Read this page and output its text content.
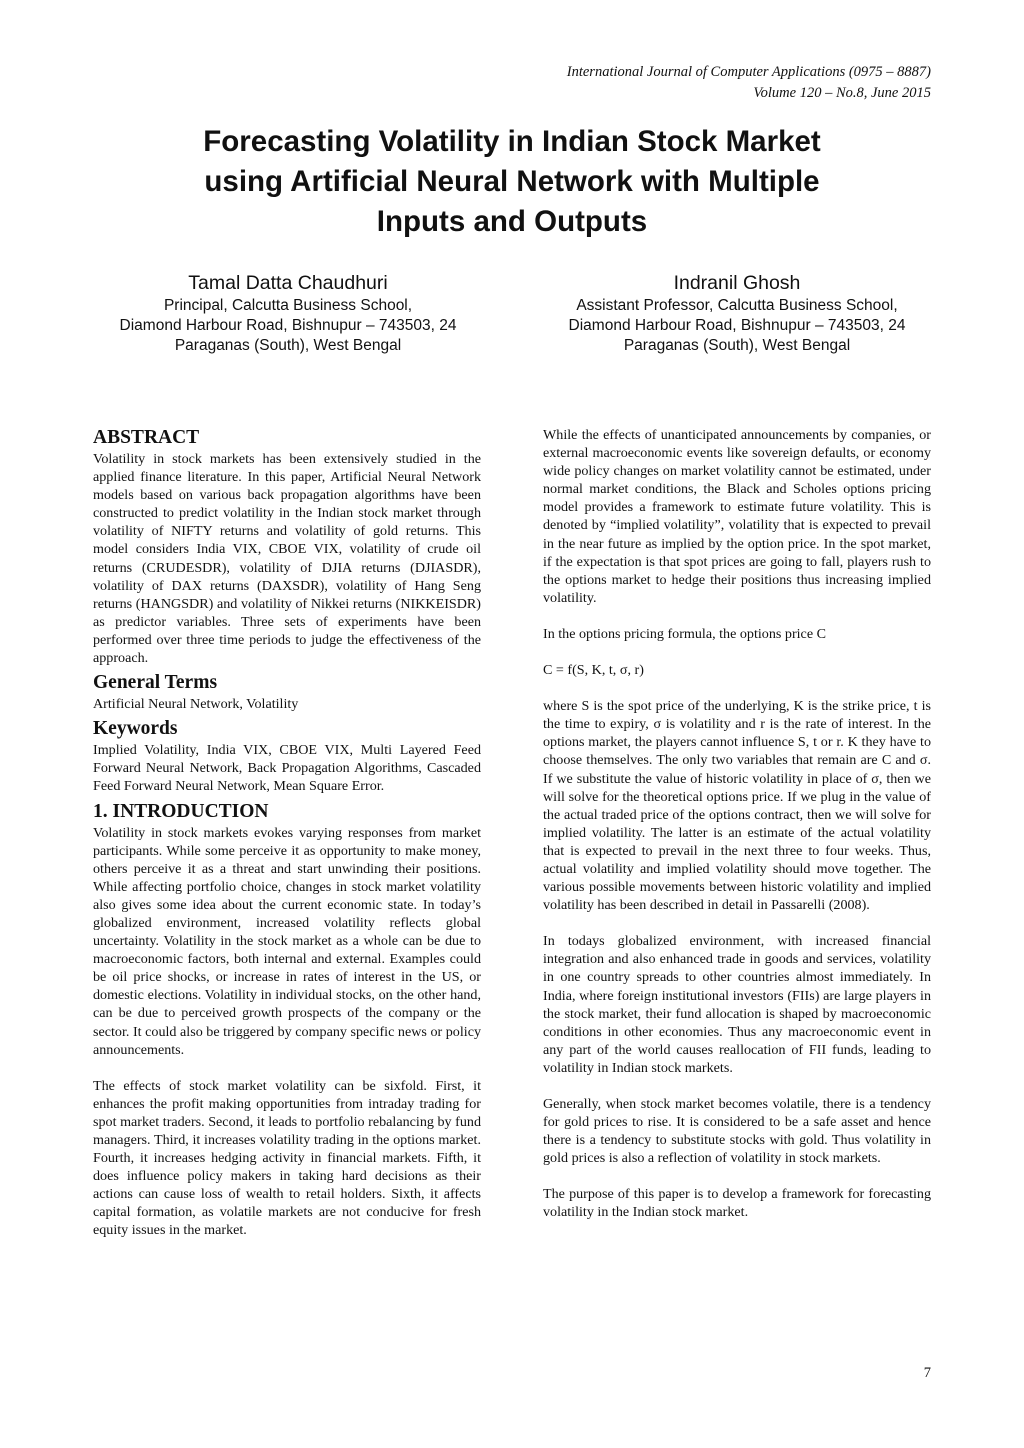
International Journal of Computer Applications (0975 – 8887)
Volume 120 – No.8, June 2015
Forecasting Volatility in Indian Stock Market
using Artificial Neural Network with Multiple
Inputs and Outputs
Tamal Datta Chaudhuri
Principal, Calcutta Business School,
Diamond Harbour Road, Bishnupur – 743503, 24
Paraganas (South), West Bengal
Indranil Ghosh
Assistant Professor, Calcutta Business School,
Diamond Harbour Road, Bishnupur – 743503, 24
Paraganas (South), West Bengal
ABSTRACT

Volatility in stock markets has been extensively studied in the applied finance literature. In this paper, Artificial Neural Network models based on various back propagation algorithms have been constructed to predict volatility in the Indian stock market through volatility of NIFTY returns and volatility of gold returns. This model considers India VIX, CBOE VIX, volatility of crude oil returns (CRUDESDR), volatility of DJIA returns (DJIASDR), volatility of DAX returns (DAXSDR), volatility of Hang Seng returns (HANGSDR) and volatility of Nikkei returns (NIKKEISDR) as predictor variables. Three sets of experiments have been performed over three time periods to judge the effectiveness of the approach.

General Terms

Artificial Neural Network, Volatility

Keywords

Implied Volatility, India VIX, CBOE VIX, Multi Layered Feed Forward Neural Network, Back Propagation Algorithms, Cascaded Feed Forward Neural Network, Mean Square Error.

1. INTRODUCTION

Volatility in stock markets evokes varying responses from market participants. While some perceive it as opportunity to make money, others perceive it as a threat and start unwinding their positions. While affecting portfolio choice, changes in stock market volatility also gives some idea about the current economic state. In today’s globalized environment, increased volatility reflects global uncertainty. Volatility in the stock market as a whole can be due to macroeconomic factors, both internal and external. Examples could be oil price shocks, or increase in rates of interest in the US, or domestic elections. Volatility in individual stocks, on the other hand, can be due to perceived growth prospects of the company or the sector. It could also be triggered by company specific news or policy announcements.

The effects of stock market volatility can be sixfold. First, it enhances the profit making opportunities from intraday trading for spot market traders. Second, it leads to portfolio rebalancing by fund managers. Third, it increases volatility trading in the options market. Fourth, it increases hedging activity in financial markets. Fifth, it does influence policy makers in taking hard decisions as their actions can cause loss of wealth to retail holders. Sixth, it affects capital formation, as volatile markets are not conducive for fresh equity issues in the market.

While the effects of unanticipated announcements by companies, or external macroeconomic events like sovereign defaults, or economy wide policy changes on market volatility cannot be estimated, under normal market conditions, the Black and Scholes options pricing model provides a framework to estimate future volatility. This is denoted by “implied volatility”, volatility that is expected to prevail in the near future as implied by the option price. In the spot market, if the expectation is that spot prices are going to fall, players rush to the options market to hedge their positions thus increasing implied volatility.

In the options pricing formula, the options price C

C = f(S, K, t, σ, r)

where S is the spot price of the underlying, K is the strike price, t is the time to expiry, σ is volatility and r is the rate of interest. In the options market, the players cannot influence S, t or r. K they have to choose themselves. The only two variables that remain are C and σ. If we substitute the value of historic volatility in place of σ, then we will solve for the theoretical options price. If we plug in the value of the actual traded price of the options contract, then we will solve for implied volatility. The latter is an estimate of the actual volatility that is expected to prevail in the next three to four weeks. Thus, actual volatility and implied volatility should move together. The various possible movements between historic volatility and implied volatility has been described in detail in Passarelli (2008).

In todays globalized environment, with increased financial integration and also enhanced trade in goods and services, volatility in one country spreads to other countries almost immediately. In India, where foreign institutional investors (FIIs) are large players in the stock market, their fund allocation is shaped by macroeconomic conditions in other economies. Thus any macroeconomic event in any part of the world causes reallocation of FII funds, leading to volatility in Indian stock markets.

Generally, when stock market becomes volatile, there is a tendency for gold prices to rise. It is considered to be a safe asset and hence there is a tendency to substitute stocks with gold. Thus volatility in gold prices is also a reflection of volatility in stock markets.

The purpose of this paper is to develop a framework for forecasting volatility in the Indian stock market.

7
